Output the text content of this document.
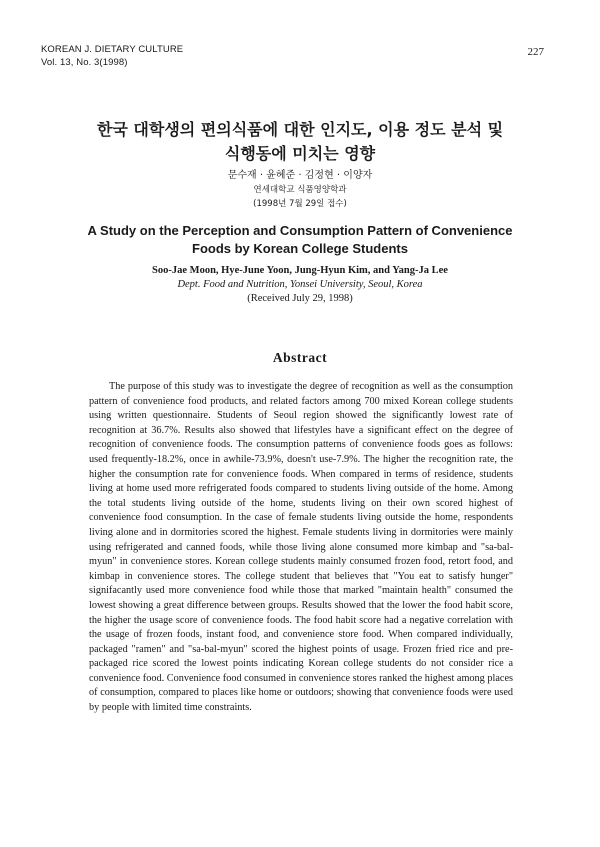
KOREAN J. DIETARY CULTURE
Vol. 13, No. 3(1998)
227
한국 대학생의 편의식품에 대한 인지도, 이용 정도 분석 및
식행동에 미치는 영향
문수재 · 윤혜준 · 김정현 · 이양자
연세대학교 식품영양학과
(1998년 7월 29일 접수)
A Study on the Perception and Consumption Pattern of Convenience
Foods by Korean College Students
Soo-Jae Moon, Hye-June Yoon, Jung-Hyun Kim, and Yang-Ja Lee
Dept. Food and Nutrition, Yonsei University, Seoul, Korea
(Received July 29, 1998)
Abstract

The purpose of this study was to investigate the degree of recognition as well as the consumption pattern of convenience food products, and related factors among 700 mixed Korean college students using written questionnaire. Students of Seoul region showed the significantly lowest rate of recognition at 36.7%. Results also showed that lifestyles have a significant effect on the degree of recognition of convenience foods. The consumption patterns of convenience foods goes as follows: used frequently-18.2%, once in awhile-73.9%, doesn't use-7.9%. The higher the recognition rate, the higher the consumption rate for convenience foods. When compared in terms of residence, students living at home used more refrigerated foods compared to students living outside of the home. Among the total students living outside of the home, students living on their own scored highest of convenience food consumption. In the case of female students living outside the home, respondents living alone and in dormitories scored the highest. Female students living in dormitories were mainly using refrigerated and canned foods, while those living alone consumed more kimbap and "sa-bal-myun" in convenience stores. Korean college students mainly consumed frozen food, retort food, and kimbap in convenience stores. The college student that believes that "You eat to satisfy hunger" signifacantly used more convenience food while those that marked "maintain health" consumed the lowest showing a great difference between groups. Results showed that the lower the food habit score, the higher the usage score of convenience foods. The food habit score had a negative correlation with the usage of frozen foods, instant food, and convenience store food. When compared individually, packaged "ramen" and "sa-bal-myun" scored the highest points of usage. Frozen fried rice and pre-packaged rice scored the lowest points indicating Korean college students do not consider rice a convenience food. Convenience food consumed in convenience stores ranked the highest among places of consumption, compared to places like home or outdoors; showing that convenience foods were used by people with limited time constraints.
